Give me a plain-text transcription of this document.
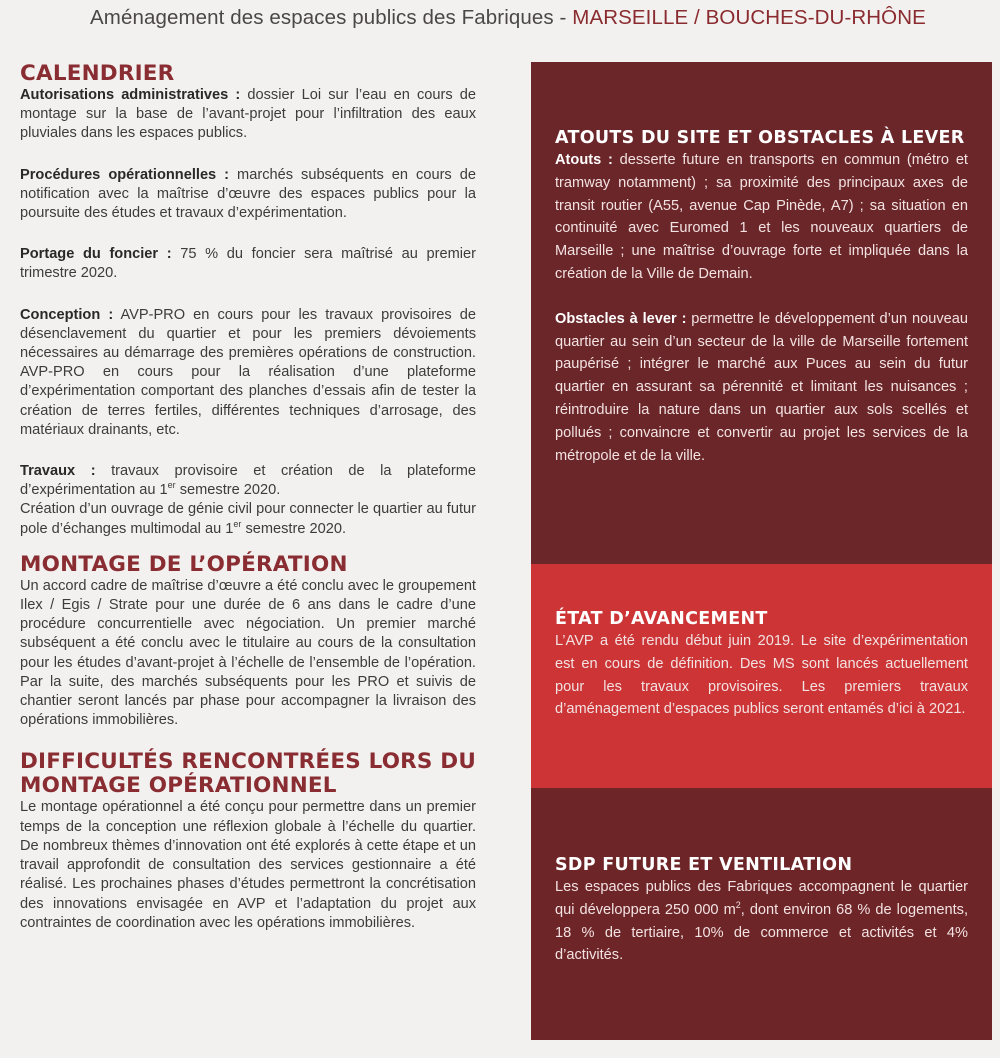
Aménagement des espaces publics des Fabriques - MARSEILLE / BOUCHES-DU-RHÔNE
CALENDRIER

Autorisations administratives : dossier Loi sur l’eau en cours de montage sur la base de l’avant-projet pour l’infiltration des eaux pluviales dans les espaces publics.

Procédures opérationnelles : marchés subséquents en cours de notification avec la maîtrise d’œuvre des espaces publics pour la poursuite des études et travaux d’expérimentation.

Portage du foncier : 75 % du foncier sera maîtrisé au premier trimestre 2020.

Conception : AVP-PRO en cours pour les travaux provisoires de désenclavement du quartier et pour les premiers dévoiements nécessaires au démarrage des premières opérations de construction. AVP-PRO en cours pour la réalisation d’une plateforme d’expérimentation comportant des planches d’essais afin de tester la création de terres fertiles, différentes techniques d’arrosage, des matériaux drainants, etc.

Travaux : travaux provisoire et création de la plateforme d’expérimentation au 1er semestre 2020.

Création d’un ouvrage de génie civil pour connecter le quartier au futur pole d’échanges multimodal au 1er semestre 2020.

MONTAGE DE L’OPÉRATION

Un accord cadre de maîtrise d’œuvre a été conclu avec le groupement Ilex / Egis / Strate pour une durée de 6 ans dans le cadre d’une procédure concurrentielle avec négociation. Un premier marché subséquent a été conclu avec le titulaire au cours de la consultation pour les études d’avant-projet à l’échelle de l’ensemble de l’opération. Par la suite, des marchés subséquents pour les PRO et suivis de chantier seront lancés par phase pour accompagner la livraison des opérations immobilières.

DIFFICULTÉS RENCONTRÉES LORS DU
MONTAGE OPÉRATIONNEL

Le montage opérationnel a été conçu pour permettre dans un premier temps de la conception une réflexion globale à l’échelle du quartier. De nombreux thèmes d’innovation ont été explorés à cette étape et un travail approfondit de consultation des services gestionnaire a été réalisé. Les prochaines phases d’études permettront la concrétisation des innovations envisagée en AVP et l’adaptation du projet aux contraintes de coordination avec les opérations immobilières.

ATOUTS DU SITE ET OBSTACLES À LEVER

Atouts : desserte future en transports en commun (métro et tramway notamment) ; sa proximité des principaux axes de transit routier (A55, avenue Cap Pinède, A7) ; sa situation en continuité avec Euromed 1 et les nouveaux quartiers de Marseille ; une maîtrise d’ouvrage forte et impliquée dans la création de la Ville de Demain.

Obstacles à lever : permettre le développement d’un nouveau quartier au sein d’un secteur de la ville de Marseille fortement paupérisé ; intégrer le marché aux Puces au sein du futur quartier en assurant sa pérennité et limitant les nuisances ; réintroduire la nature dans un quartier aux sols scellés et pollués ; convaincre et convertir au projet les services de la métropole et de la ville.

ÉTAT D’AVANCEMENT

L’AVP a été rendu début juin 2019. Le site d’expérimentation est en cours de définition. Des MS sont lancés actuellement pour les travaux provisoires. Les premiers travaux d’aménagement d’espaces publics seront entamés d’ici à 2021.

SDP FUTURE ET VENTILATION

Les espaces publics des Fabriques accompagnent le quartier qui développera 250 000 $m^2$, dont environ 68 % de logements, 18 % de tertiaire, 10% de commerce et activités et 4% d’activités.
